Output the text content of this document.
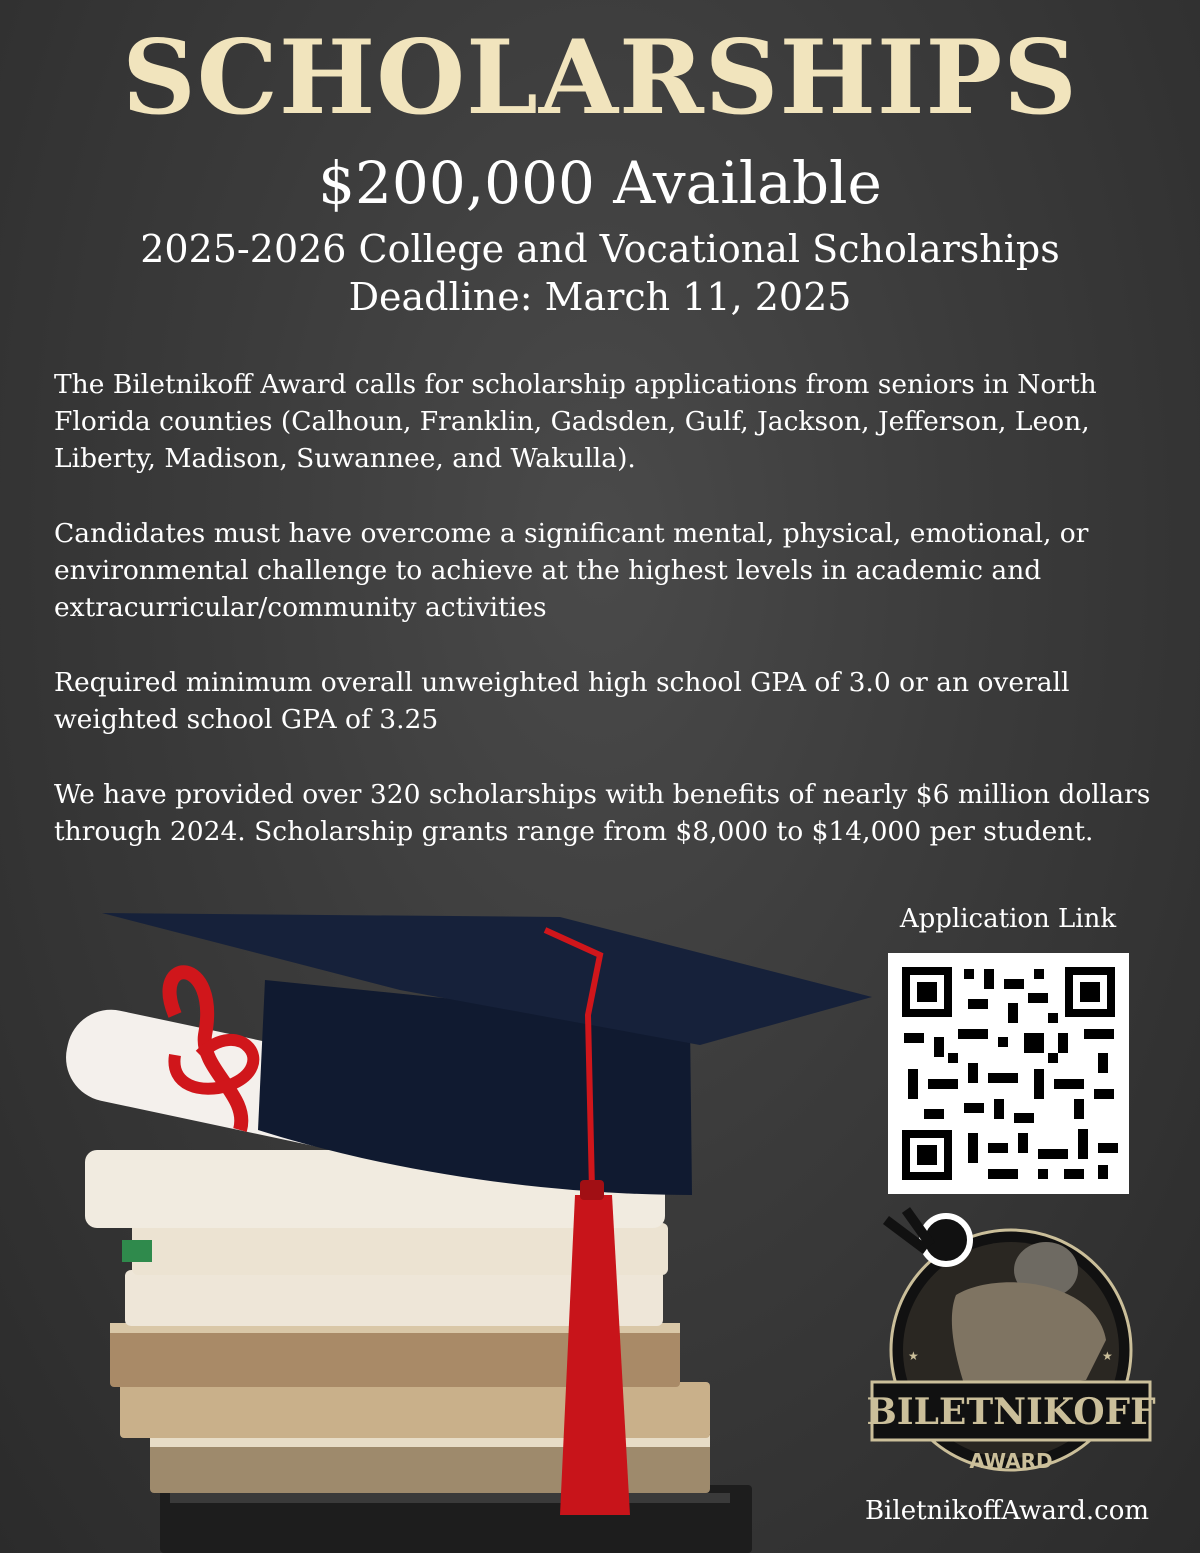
SCHOLARSHIPS
$200,000 Available
2025-2026 College and Vocational Scholarships
Deadline: March 11, 2025

The Biletnikoff Award calls for scholarship applications from seniors in North Florida counties (Calhoun, Franklin, Gadsden, Gulf, Jackson, Jefferson, Leon, Liberty, Madison, Suwannee, and Wakulla).

Candidates must have overcome a significant mental, physical, emotional, or environmental challenge to achieve at the highest levels in academic and extracurricular/community activities

Required minimum overall unweighted high school GPA of 3.0 or an overall weighted school GPA of 3.25

We have provided over 320 scholarships with benefits of nearly $6 million dollars through 2024. Scholarship grants range from $8,000 to $14,000 per student.

Application Link
★	★
BILETNIKOFF
AWARD
BiletnikoffAward.com
